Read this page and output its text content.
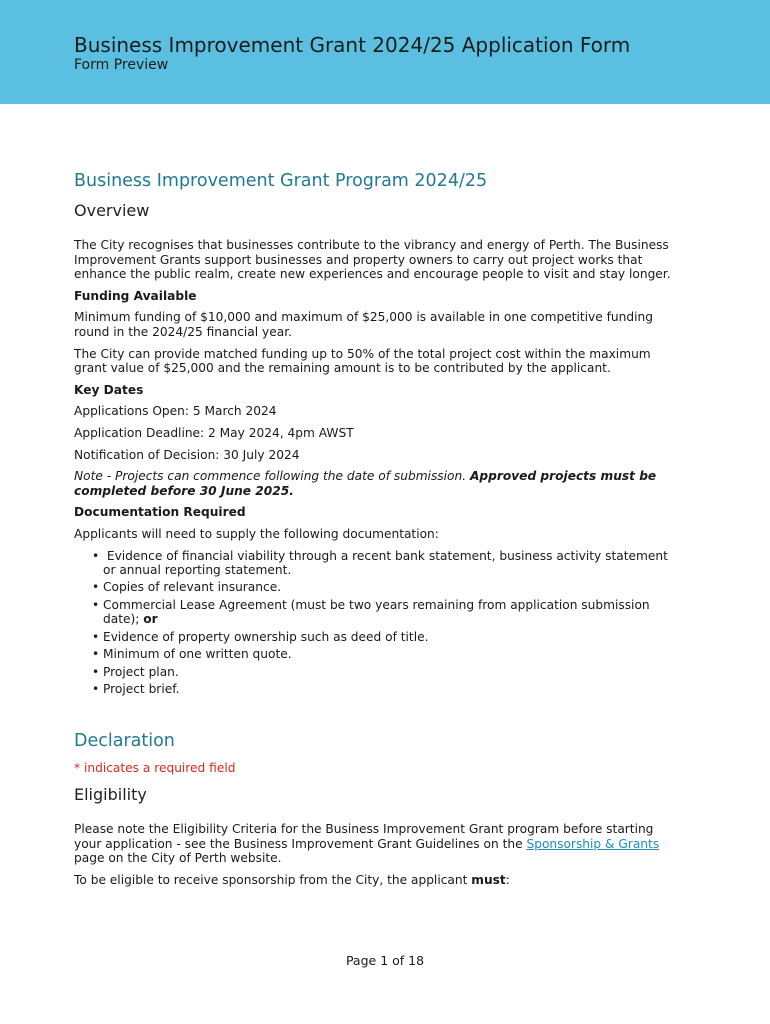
Business Improvement Grant 2024/25 Application Form
Form Preview
Business Improvement Grant Program 2024/25
Overview

The City recognises that businesses contribute to the vibrancy and energy of Perth. The Business Improvement Grants support businesses and property owners to carry out project works that enhance the public realm, create new experiences and encourage people to visit and stay longer.

Funding Available

Minimum funding of $10,000 and maximum of $25,000 is available in one competitive funding round in the 2024/25 financial year.

The City can provide matched funding up to 50% of the total project cost within the maximum grant value of $25,000 and the remaining amount is to be contributed by the applicant.

Key Dates

Applications Open: 5 March 2024

Application Deadline: 2 May 2024, 4pm AWST

Notification of Decision: 30 July 2024

Note - Projects can commence following the date of submission. Approved projects must be completed before 30 June 2025.

Documentation Required

Applicants will need to supply the following documentation:

• Evidence of financial viability through a recent bank statement, business activity statement or annual reporting statement.
• Copies of relevant insurance.
• Commercial Lease Agreement (must be two years remaining from application submission date); or
• Evidence of property ownership such as deed of title.
• Minimum of one written quote.
• Project plan.
• Project brief.
Declaration
* indicates a required field
Eligibility

Please note the Eligibility Criteria for the Business Improvement Grant program before starting your application - see the Business Improvement Grant Guidelines on the Sponsorship & Grants page on the City of Perth website.

To be eligible to receive sponsorship from the City, the applicant must:

Page 1 of 18
